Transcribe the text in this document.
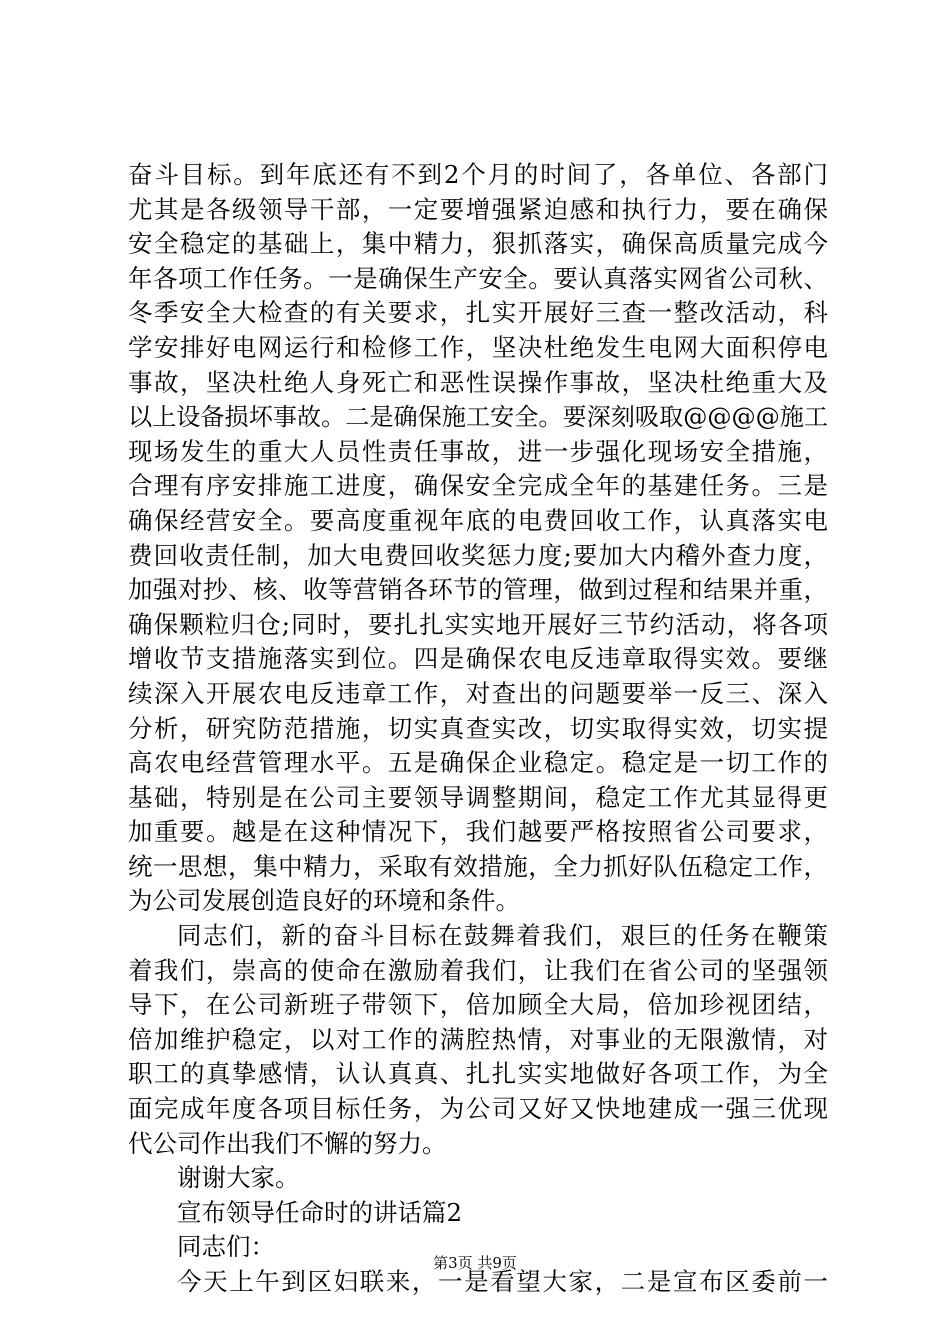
奋斗目标。到年底还有不到2个月的时间了，各单位、各部门
尤其是各级领导干部，一定要增强紧迫感和执行力，要在确保
安全稳定的基础上，集中精力，狠抓落实，确保高质量完成今
年各项工作任务。一是确保生产安全。要认真落实网省公司秋、
冬季安全大检查的有关要求，扎实开展好三查一整改活动，科
学安排好电网运行和检修工作，坚决杜绝发生电网大面积停电
事故，坚决杜绝人身死亡和恶性误操作事故，坚决杜绝重大及
以上设备损坏事故。二是确保施工安全。要深刻吸取@@@@施工
现场发生的重大人员性责任事故，进一步强化现场安全措施，
合理有序安排施工进度，确保安全完成全年的基建任务。三是
确保经营安全。要高度重视年底的电费回收工作，认真落实电
费回收责任制，加大电费回收奖惩力度;要加大内稽外查力度，
加强对抄、核、收等营销各环节的管理，做到过程和结果并重，
确保颗粒归仓;同时，要扎扎实实地开展好三节约活动，将各项
增收节支措施落实到位。四是确保农电反违章取得实效。要继
续深入开展农电反违章工作，对查出的问题要举一反三、深入
分析，研究防范措施，切实真查实改，切实取得实效，切实提
高农电经营管理水平。五是确保企业稳定。稳定是一切工作的
基础，特别是在公司主要领导调整期间，稳定工作尤其显得更
加重要。越是在这种情况下，我们越要严格按照省公司要求，
统一思想，集中精力，采取有效措施，全力抓好队伍稳定工作，
为公司发展创造良好的环境和条件。
同志们，新的奋斗目标在鼓舞着我们，艰巨的任务在鞭策
着我们，崇高的使命在激励着我们，让我们在省公司的坚强领
导下，在公司新班子带领下，倍加顾全大局，倍加珍视团结，
倍加维护稳定，以对工作的满腔热情，对事业的无限激情，对
职工的真挚感情，认认真真、扎扎实实地做好各项工作，为全
面完成年度各项目标任务，为公司又好又快地建成一强三优现
代公司作出我们不懈的努力。
谢谢大家。
宣布领导任命时的讲话篇2
同志们：
今天上午到区妇联来，一是看望大家，二是宣布区委前一
第3页 共9页
